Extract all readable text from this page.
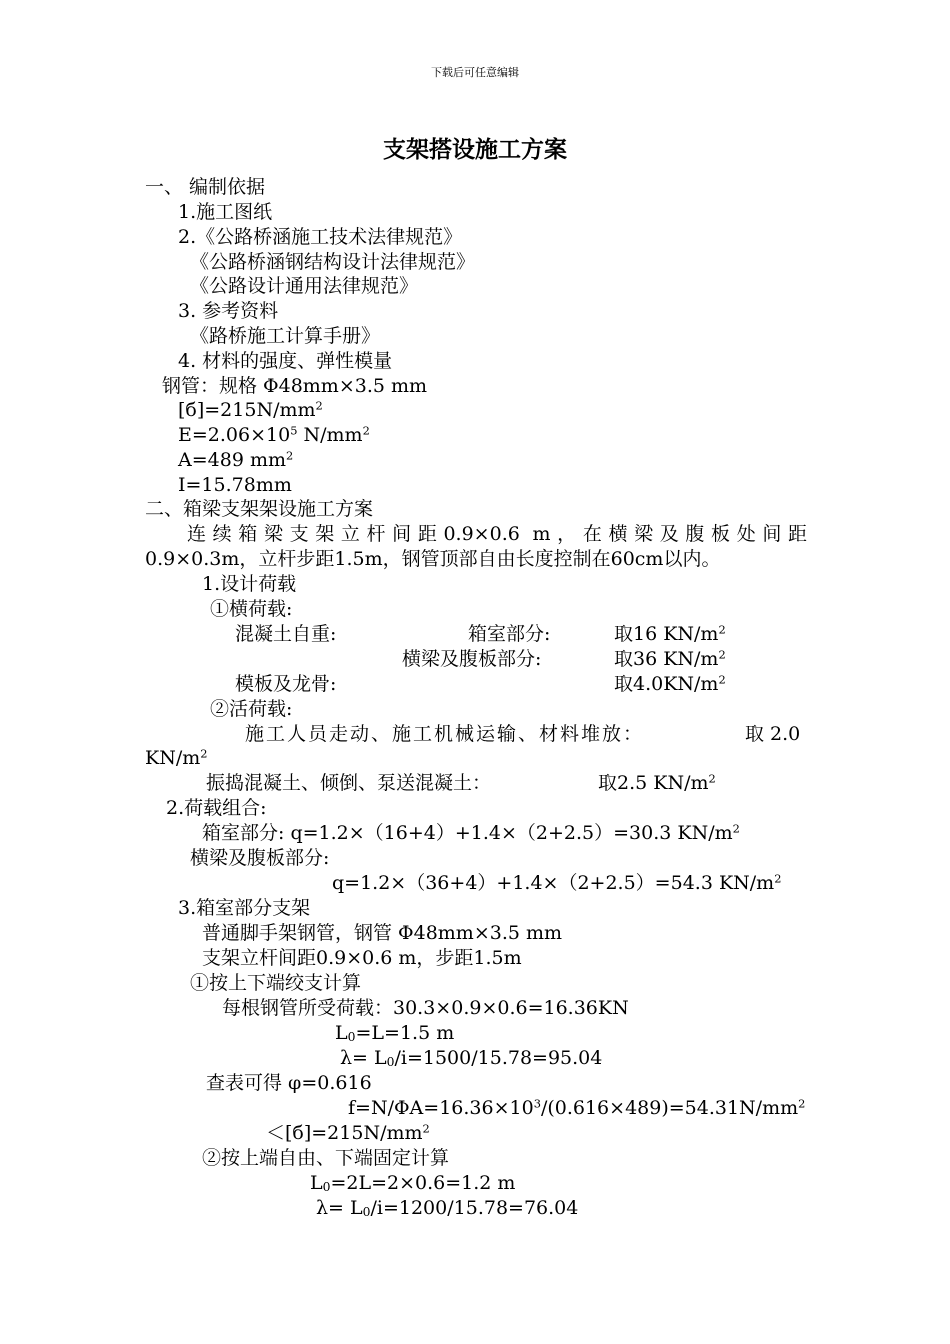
下载后可任意编辑
支架搭设施工方案
一、 编制依据
1.施工图纸
2.《公路桥涵施工技术法律规范》
《公路桥涵钢结构设计法律规范》
《公路设计通用法律规范》
3. 参考资料
《路桥施工计算手册》
4. 材料的强度、弹性模量
钢管：规格 Φ48mm×3.5 mm
$[б]=215N/mm^2$
$E=2.06\times 10^5$ $N/mm^2$
A=489 $mm^2$
I=15.78mm
二、箱梁支架架设施工方案
连续箱梁支架立杆间距0.9×0.6 m，在横梁及腹板处间距
0.9×0.3m，立杆步距1.5m，钢管顶部自由长度控制在60cm以内。
1.设计荷载
①横荷载:
混凝土自重:	箱室部分:	取16 $KN/m^2$
横梁及腹板部分:	取36 $KN/m^2$
模板及龙骨:	取$4.0KN/m^2$
②活荷载:
施工人员走动、施工机械运输、材料堆放：	取 2.0
$KN/m^2$
振捣混凝土、倾倒、泵送混凝土：	取2.5 $KN/m^2$
2.荷载组合:
箱室部分: q=1.2×（16+4）+1.4×（2+2.5）=30.3 $KN/m^2$
横梁及腹板部分:
q=1.2×（36+4）+1.4×（2+2.5）=54.3 $KN/m^2$
3.箱室部分支架
普通脚手架钢管，钢管 Φ48mm×3.5 mm
支架立杆间距0.9×0.6 m，步距1.5m
①按上下端绞支计算
每根钢管所受荷载：30.3×0.9×0.6=16.36KN
$L_0=L=1.5$ m
$\lambda= L_0/i=1500/15.78=95.04$
查表可得 φ=0.616
$f=N/\Phi A=16.36\times 10^3/(0.616\times 489)=54.31N/mm^2$
$<[б]=215N/mm^2$
②按上端自由、下端固定计算
$L_0=2L=2\times 0.6=1.2$ m
$\lambda= L_0/i=1200/15.78=76.04$
